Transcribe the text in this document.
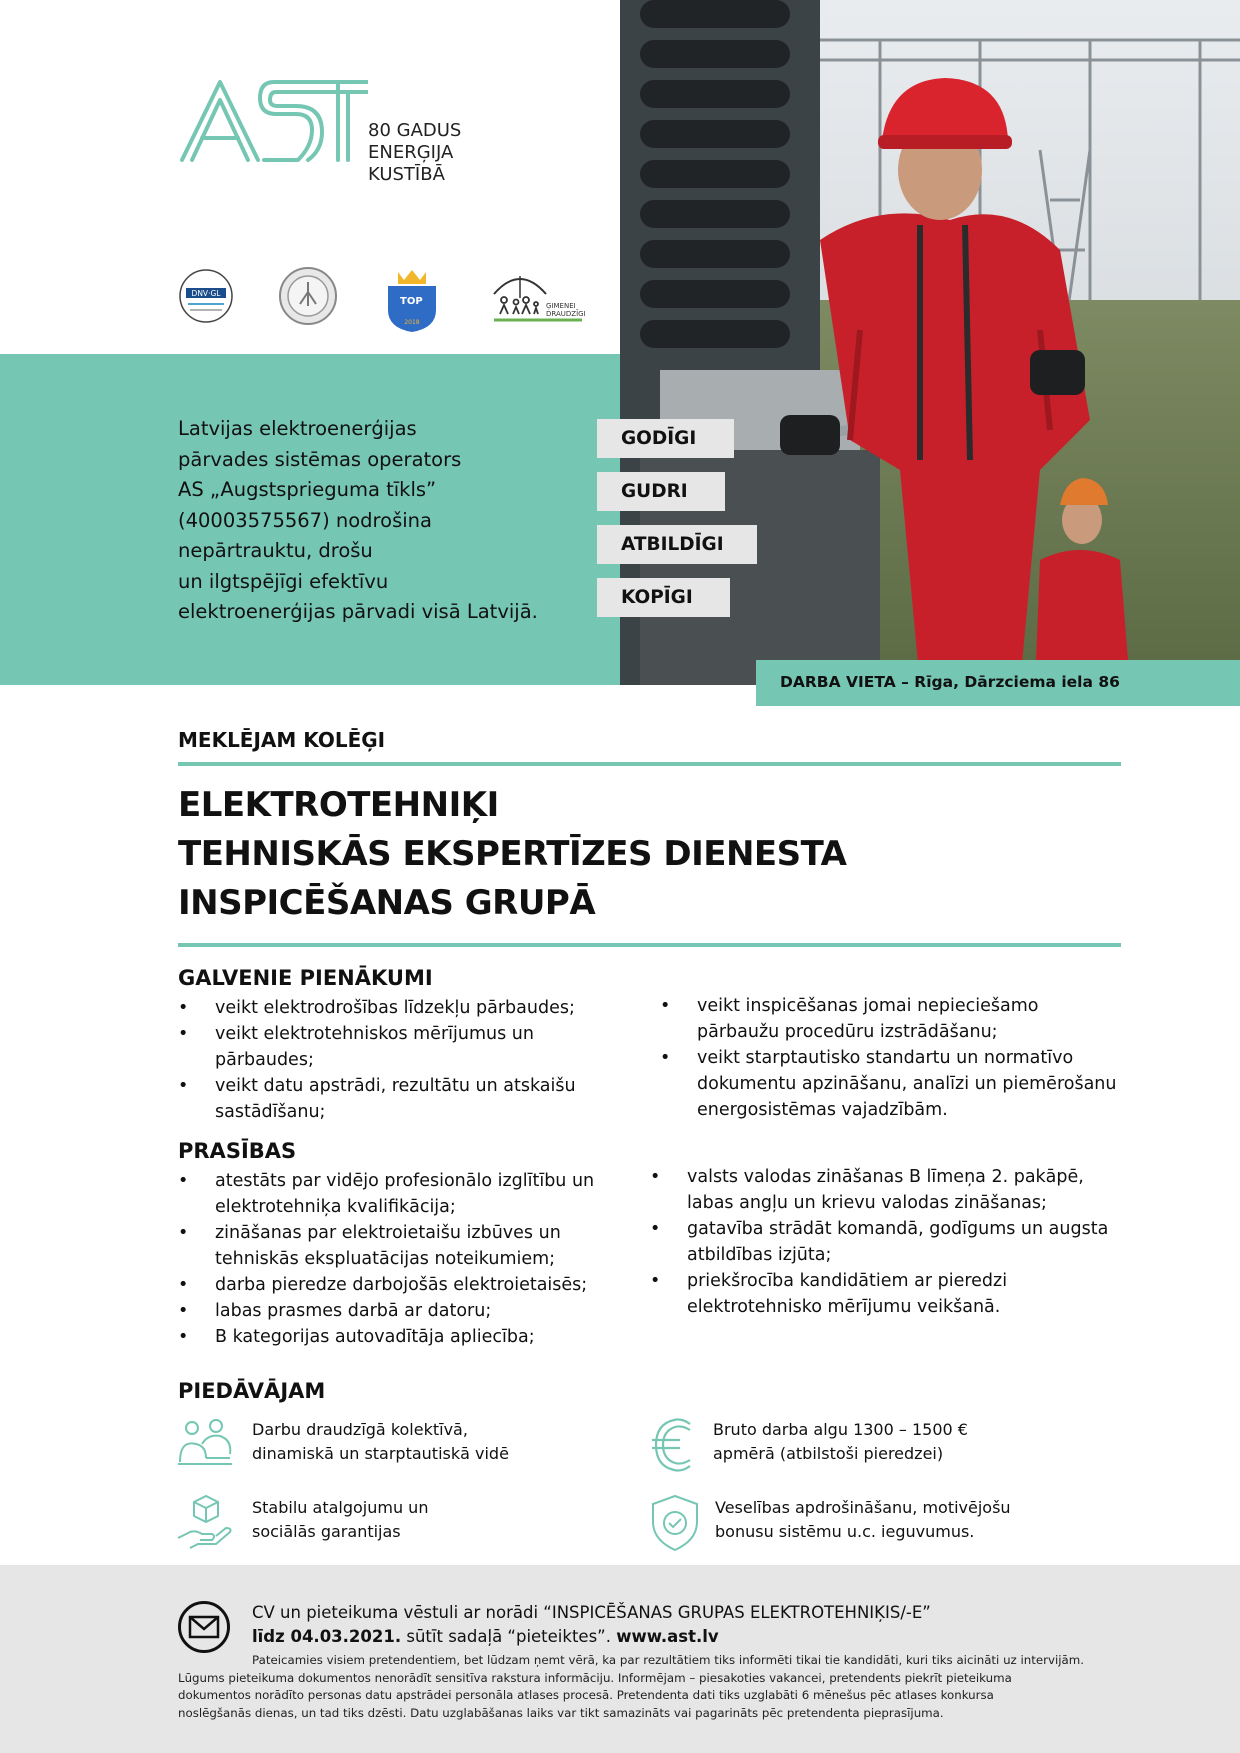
80 GADUS
ENERĢIJA
KUSTĪBĀ
DNV·GL
TOP
2018
ĢIMENEI
DRAUDZĪGI
Latvijas elektroenerģijas
pārvades sistēmas operators
AS „Augstsprieguma tīkls”
(40003575567) nodrošina
nepārtrauktu, drošu
un ilgtspējīgi efektīvu
elektroenerģijas pārvadi visā Latvijā.
GODĪGI
GUDRI
ATBILDĪGI
KOPĪGI
DARBA VIETA – Rīga, Dārzciema iela 86
MEKLĒJAM KOLĒĢI
ELEKTROTEHNIĶI
TEHNISKĀS EKSPERTĪZES DIENESTA
INSPICĒŠANAS GRUPĀ
GALVENIE PIENĀKUMI
• veikt elektrodrošības līdzekļu pārbaudes;
• veikt elektrotehniskos mērījumus un pārbaudes;
• veikt datu apstrādi, rezultātu un atskaišu sastādīšanu;
• veikt inspicēšanas jomai nepieciešamo pārbaužu procedūru izstrādāšanu;
• veikt starptautisko standartu un normatīvo dokumentu apzināšanu, analīzi un piemērošanu energosistēmas vajadzībām.
PRASĪBAS
• atestāts par vidējo profesionālo izglītību un elektrotehniķa kvalifikācija;
• zināšanas par elektroietaišu izbūves un tehniskās ekspluatācijas noteikumiem;
• darba pieredze darbojošās elektroietaisēs;
• labas prasmes darbā ar datoru;
• B kategorijas autovadītāja apliecība;
• valsts valodas zināšanas B līmeņa 2. pakāpē, labas angļu un krievu valodas zināšanas;
• gatavība strādāt komandā, godīgums un augsta atbildības izjūta;
• priekšrocība kandidātiem ar pieredzi elektrotehnisko mērījumu veikšanā.
PIEDĀVĀJAM
Darbu draudzīgā kolektīvā,
dinamiskā un starptautiskā vidē
Bruto darba algu 1300 – 1500 €
apmērā (atbilstoši pieredzei)
Stabilu atalgojumu un
sociālās garantijas
Veselības apdrošināšanu, motivējošu
bonusu sistēmu u.c. ieguvumus.
CV un pieteikuma vēstuli ar norādi “INSPICĒŠANAS GRUPAS ELEKTROTEHNIĶIS/-E”
līdz 04.03.2021. sūtīt sadaļā “pieteiktes”. www.ast.lv
Pateicamies visiem pretendentiem, bet lūdzam ņemt vērā, ka par rezultātiem tiks informēti tikai tie kandidāti, kuri tiks aicināti uz intervijām.
Lūgums pieteikuma dokumentos nenorādīt sensitīva rakstura informāciju. Informējam – piesakoties vakancei, pretendents piekrīt pieteikuma
dokumentos norādīto personas datu apstrādei personāla atlases procesā. Pretendenta dati tiks uzglabāti 6 mēnešus pēc atlases konkursa
noslēgšanās dienas, un tad tiks dzēsti. Datu uzglabāšanas laiks var tikt samazināts vai pagarināts pēc pretendenta pieprasījuma.
